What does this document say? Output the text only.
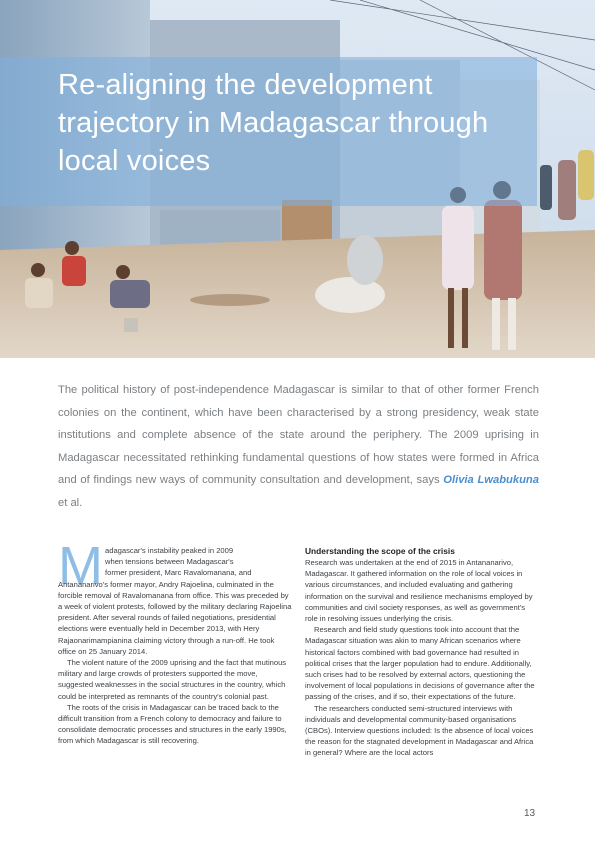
Re-aligning the development trajectory in Madagascar through local voices

The political history of post-independence Madagascar is similar to that of other former French colonies on the continent, which have been characterised by a strong presidency, weak state institutions and complete absence of the state around the periphery. The 2009 uprising in Madagascar necessitated rethinking fundamental questions of how states were formed in Africa and of findings new ways of community consultation and development, says Olivia Lwabukuna et al.

M adagascar's instability peaked in 2009

when tensions between Madagascar's

former president, Marc Ravalomanana, and

Antananarivo's former mayor, Andry Rajoelina, culminated in the forcible removal of Ravalomanana from office. This was preceded by a week of violent protests, followed by the military declaring Rajoelina president. After several rounds of failed negotiations, presidential elections were eventually held in December 2013, with Hery Rajaonarimampianina claiming victory through a run-off. He took office on 25 January 2014.

The violent nature of the 2009 uprising and the fact that mutinous military and large crowds of protesters supported the move, suggested weaknesses in the social structures in the country, which could be interpreted as remnants of the country's colonial past.

The roots of the crisis in Madagascar can be traced back to the difficult transition from a French colony to democracy and failure to consolidate democratic processes and structures in the early 1990s, from which Madagascar is still recovering.

Understanding the scope of the crisis

Research was undertaken at the end of 2015 in Antananarivo, Madagascar. It gathered information on the role of local voices in various circumstances, and included evaluating and gathering information on the survival and resilience mechanisms employed by communities and civil society responses, as well as government's role in resolving issues underlying the crisis.

Research and field study questions took into account that the Madagascar situation was akin to many African scenarios where historical factors combined with bad governance had resulted in political crises that the larger population had to endure. Additionally, such crises had to be resolved by external actors, questioning the involvement of local populations in decisions of governance after the passing of the crises, and if so, their expectations of the future.

The researchers conducted semi-structured interviews with individuals and developmental community-based organisations (CBOs). Interview questions included: Is the absence of local voices the reason for the stagnated development in Madagascar and Africa in general? Where are the local actors

13
